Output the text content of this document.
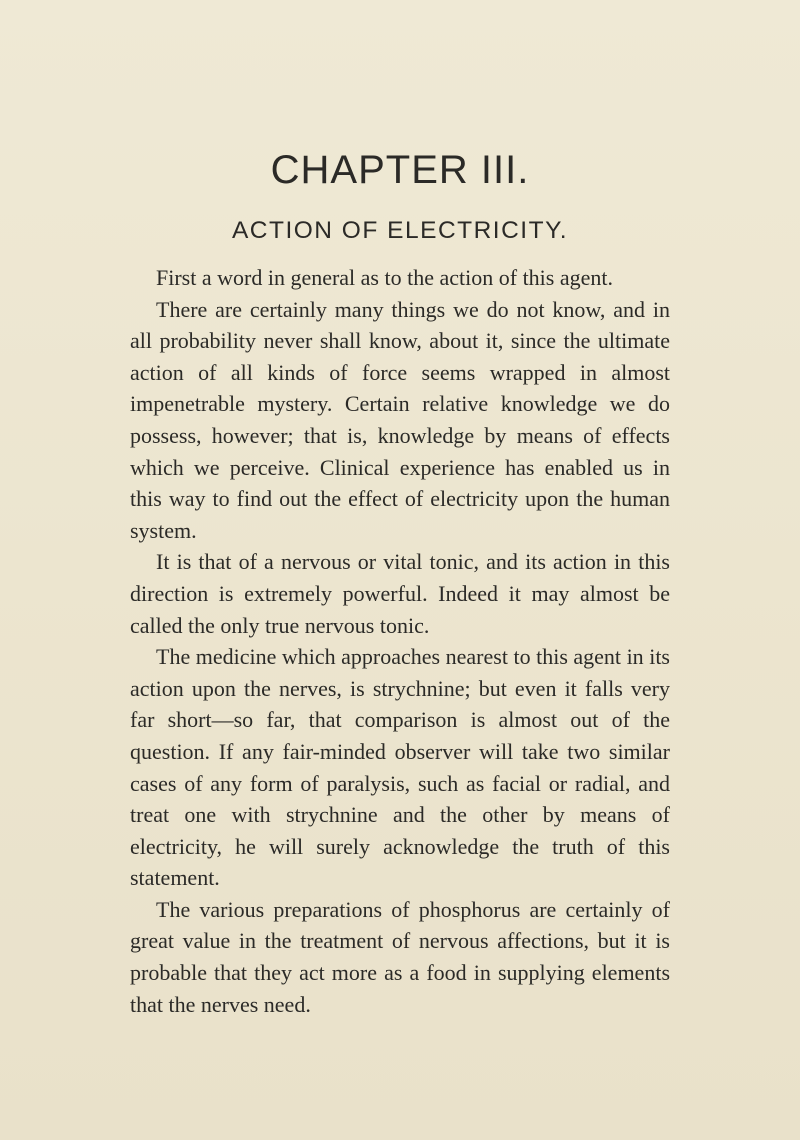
CHAPTER III.
ACTION OF ELECTRICITY.

First a word in general as to the action of this agent.

There are certainly many things we do not know, and in all probability never shall know, about it, since the ultimate action of all kinds of force seems wrapped in almost impenetrable mystery. Certain relative knowledge we do possess, however; that is, knowledge by means of effects which we perceive. Clinical experience has enabled us in this way to find out the effect of electricity upon the human system.

It is that of a nervous or vital tonic, and its action in this direction is extremely powerful. Indeed it may almost be called the only true nervous tonic.

The medicine which approaches nearest to this agent in its action upon the nerves, is strychnine; but even it falls very far short—so far, that comparison is almost out of the question. If any fair-minded observer will take two similar cases of any form of paralysis, such as facial or radial, and treat one with strychnine and the other by means of electricity, he will surely acknowledge the truth of this statement.

The various preparations of phosphorus are certainly of great value in the treatment of nervous affections, but it is probable that they act more as a food in supplying elements that the nerves need.
